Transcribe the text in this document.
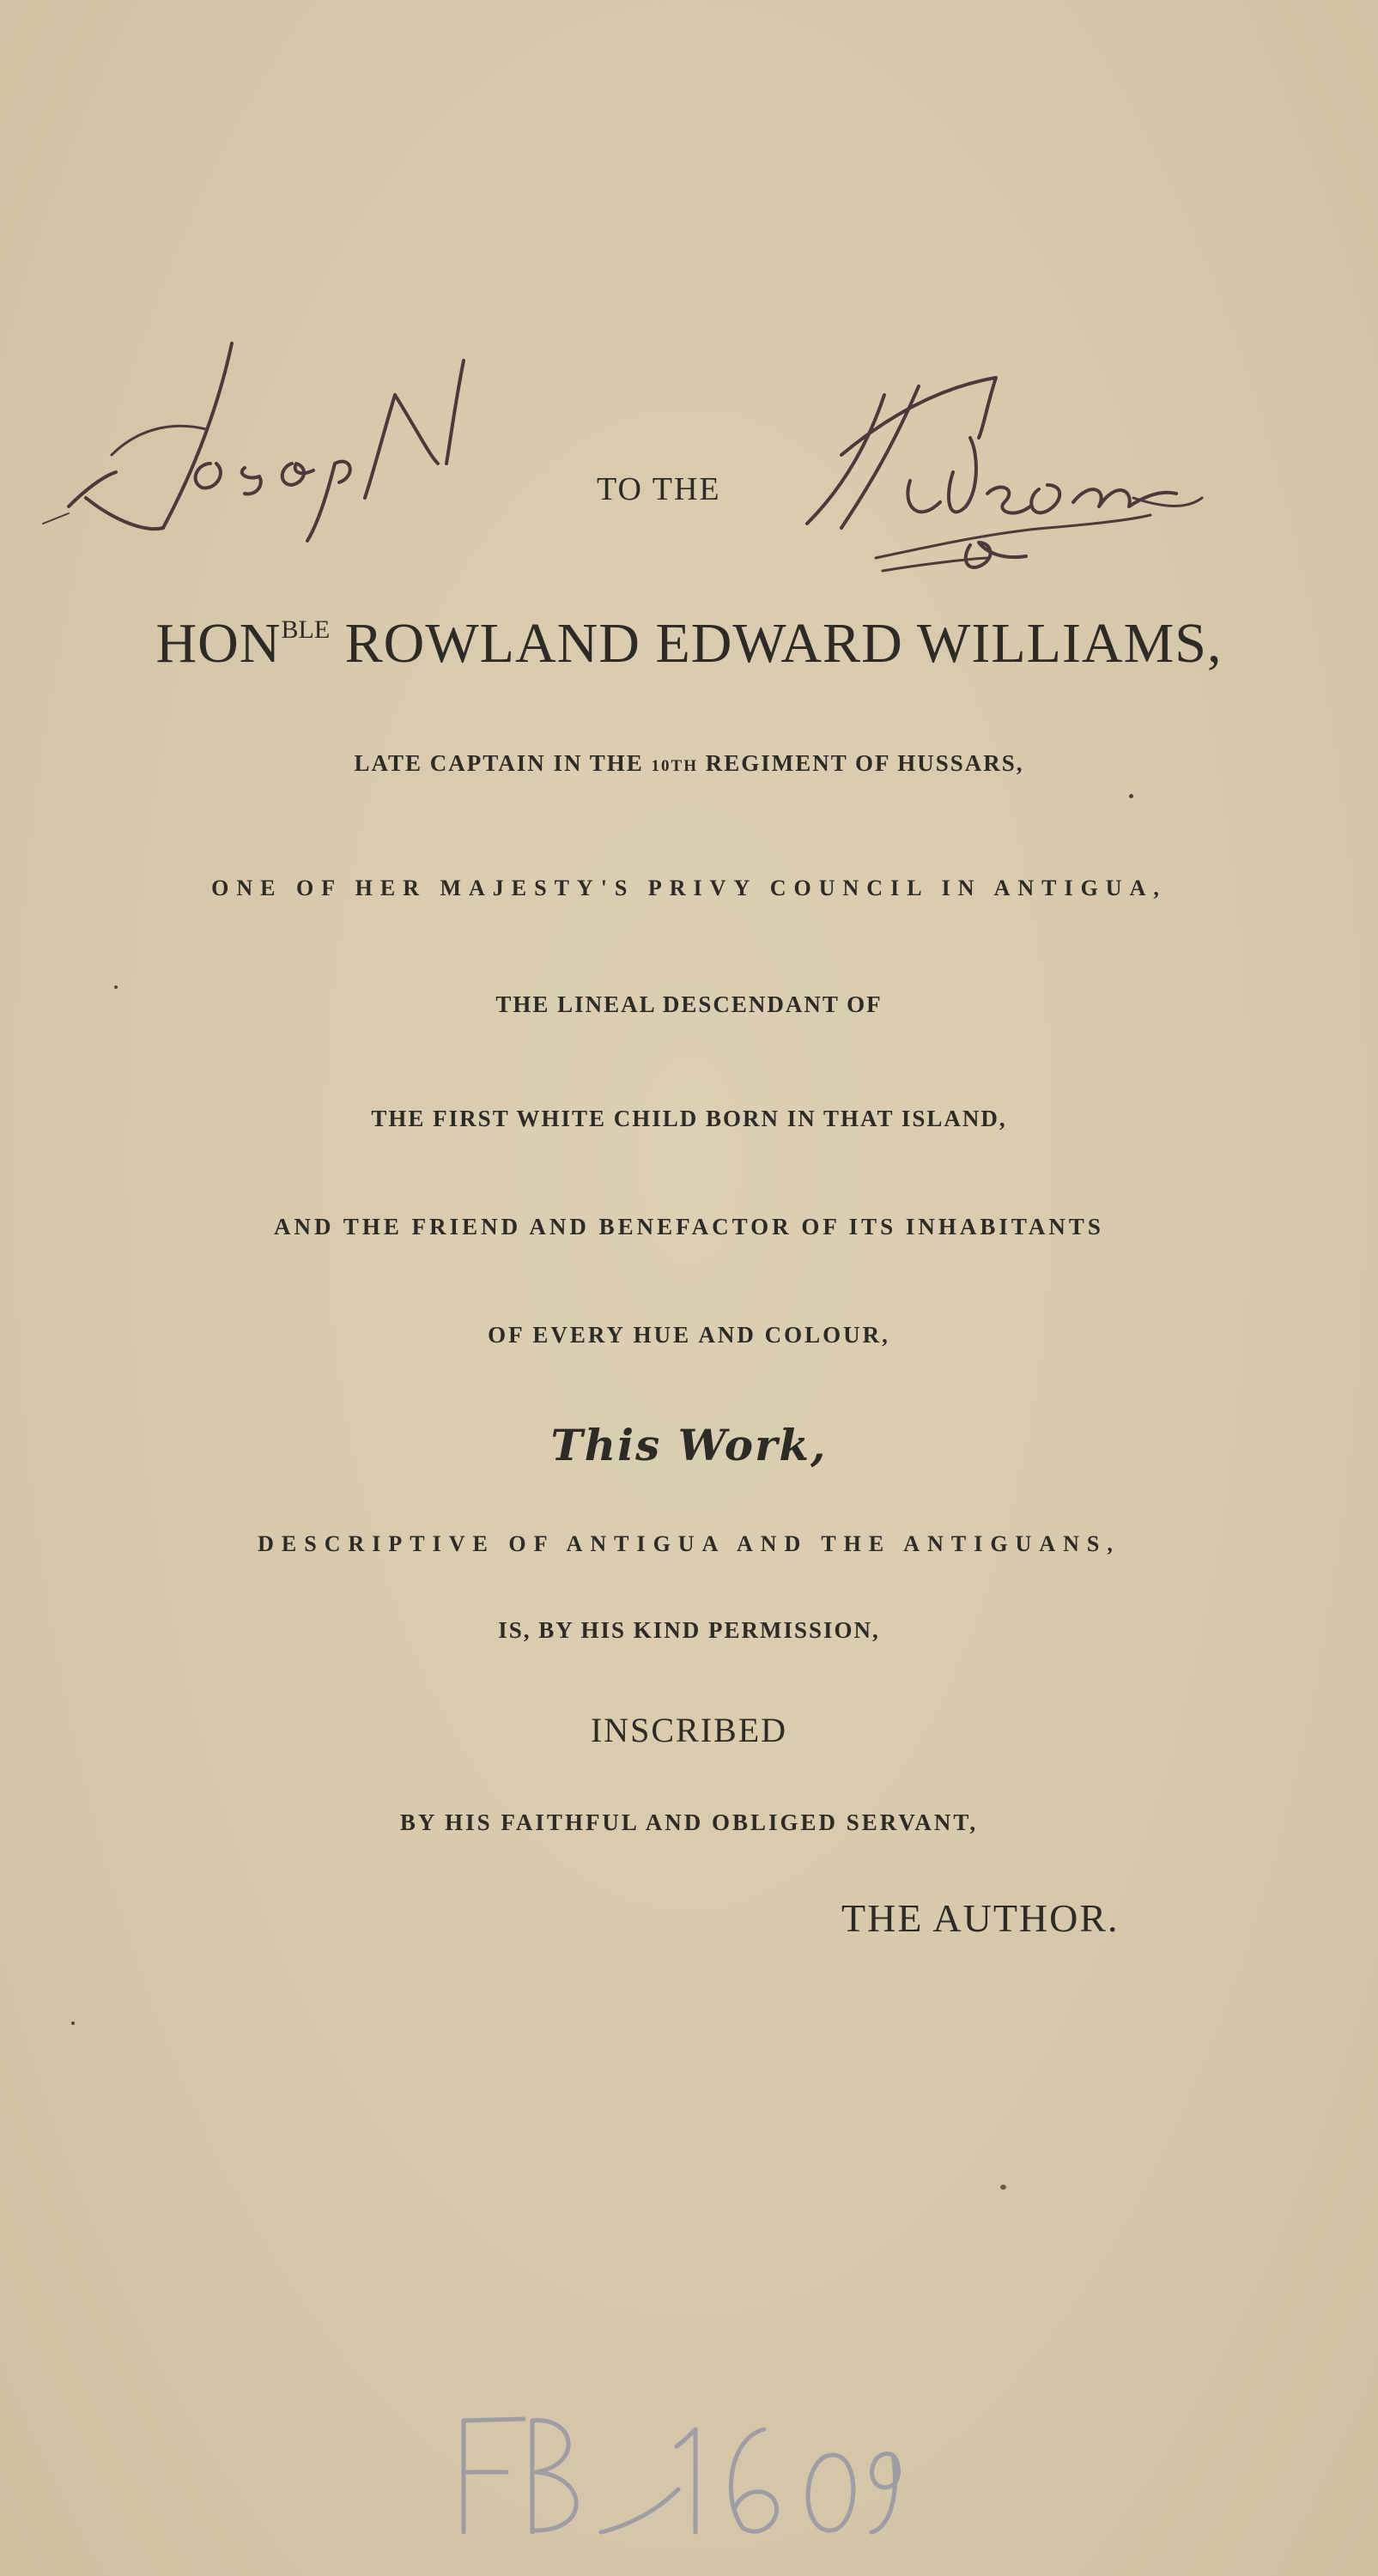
TO THE
$HON^{BLE}$ ROWLAND EDWARD WILLIAMS,
LATE CAPTAIN IN THE 10TH REGIMENT OF HUSSARS,
ONE OF HER MAJESTY'S PRIVY COUNCIL IN ANTIGUA,
THE LINEAL DESCENDANT OF
THE FIRST WHITE CHILD BORN IN THAT ISLAND,
AND THE FRIEND AND BENEFACTOR OF ITS INHABITANTS
OF EVERY HUE AND COLOUR,
This Work,
DESCRIPTIVE OF ANTIGUA AND THE ANTIGUANS,
IS, BY HIS KIND PERMISSION,
INSCRIBED
BY HIS FAITHFUL AND OBLIGED SERVANT,
THE AUTHOR.
